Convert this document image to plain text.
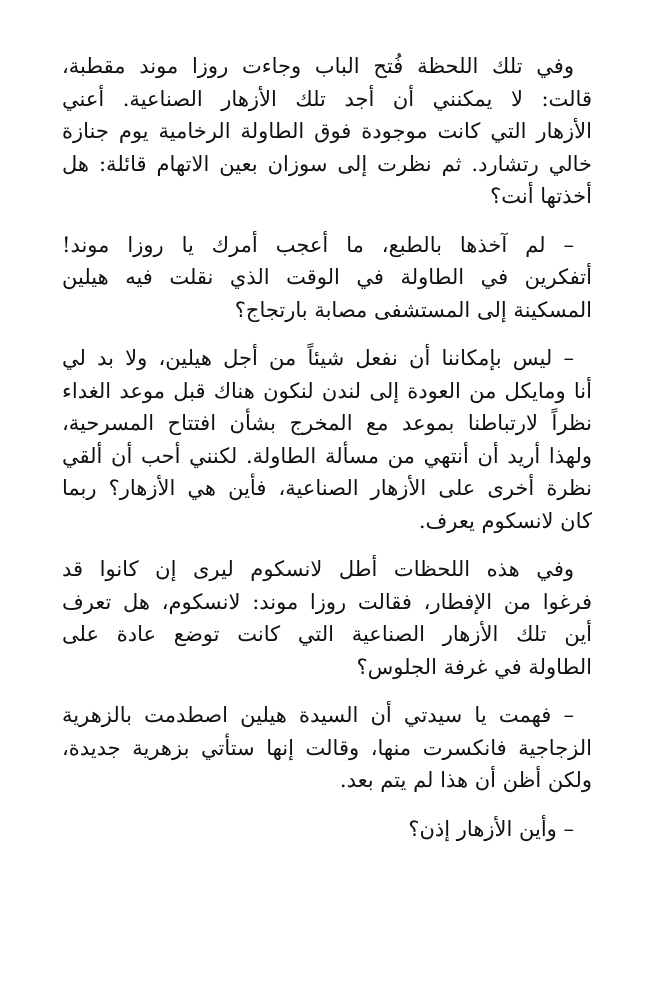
وفي تلك اللحظة فُتح الباب وجاءت روزا موند مقطبة،
قالت: لا يمكنني أن أجد تلك الأزهار الصناعية. أعني
الأزهار التي كانت موجودة فوق الطاولة الرخامية يوم جنازة
خالي رتشارد. ثم نظرت إلى سوزان بعين الاتهام قائلة: هل
أخذتها أنت؟

– لم آخذها بالطبع، ما أعجب أمرك يا روزا موند!
أتفكرين في الطاولة في الوقت الذي نقلت فيه هيلين
المسكينة إلى المستشفى مصابة بارتجاج؟

– ليس بإمكاننا أن نفعل شيئاً من أجل هيلين، ولا بد لي
أنا ومايكل من العودة إلى لندن لنكون هناك قبل موعد الغداء
نظراً لارتباطنا بموعد مع المخرج بشأن افتتاح المسرحية،
ولهذا أريد أن أنتهي من مسألة الطاولة. لكنني أحب أن ألقي
نظرة أخرى على الأزهار الصناعية، فأين هي الأزهار؟ ربما
كان لانسكوم يعرف.

وفي هذه اللحظات أطل لانسكوم ليرى إن كانوا قد
فرغوا من الإفطار، فقالت روزا موند: لانسكوم، هل تعرف
أين تلك الأزهار الصناعية التي كانت توضع عادة على
الطاولة في غرفة الجلوس؟

– فهمت يا سيدتي أن السيدة هيلين اصطدمت بالزهرية
الزجاجية فانكسرت منها، وقالت إنها ستأتي بزهرية جديدة،
ولكن أظن أن هذا لم يتم بعد.

– وأين الأزهار إذن؟
